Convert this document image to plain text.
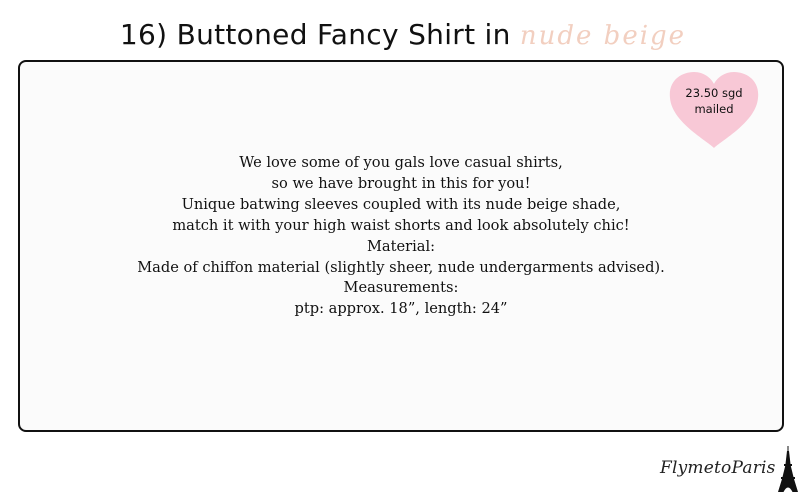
16) Buttoned Fancy Shirt in nude beige
We love some of you gals love casual shirts,
so we have brought in this for you!
Unique batwing sleeves coupled with its nude beige shade,
match it with your high waist shorts and look absolutely chic!
Material:
Made of chiffon material (slightly sheer, nude undergarments advised).
Measurements:
ptp: approx. 18”, length: 24”
FlymetoParis
23.50 sgd
mailed
